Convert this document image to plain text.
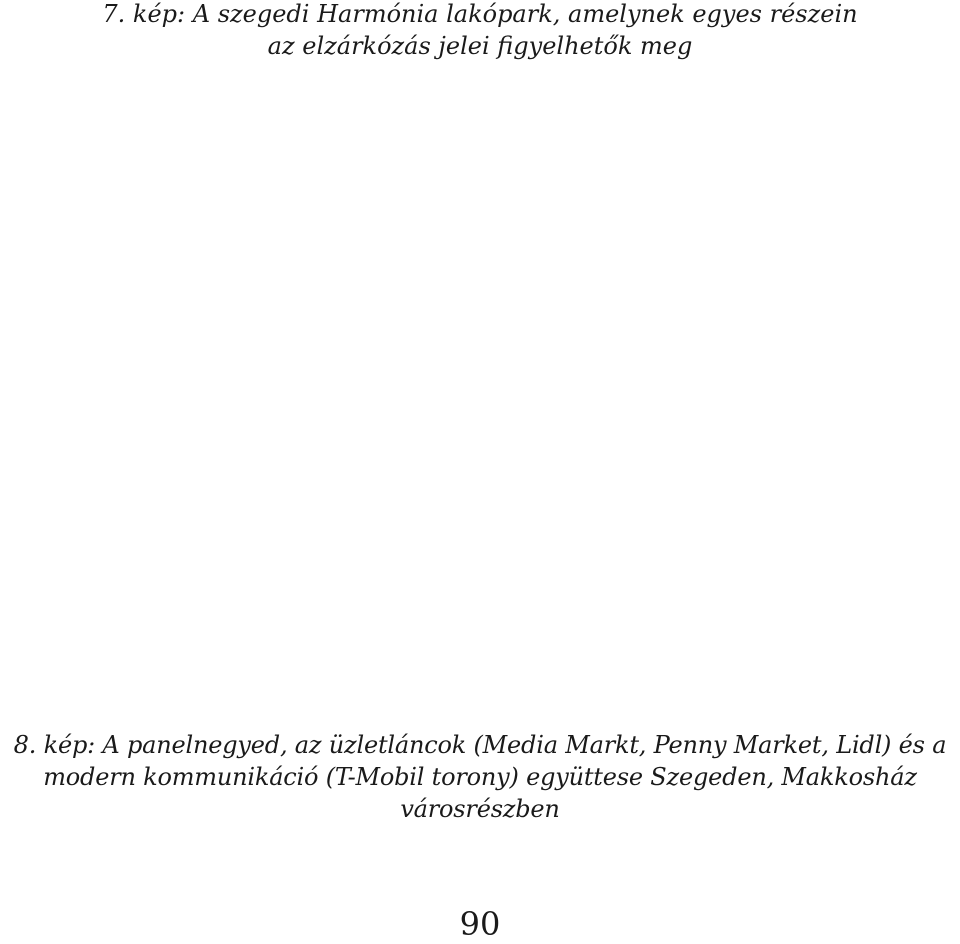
7. kép: A szegedi Harmónia lakópark, amelynek egyes részein
az elzárkózás jelei figyelhetők meg
8. kép: A panelnegyed, az üzletláncok (Media Markt, Penny Market, Lidl) és a
modern kommunikáció (T-Mobil torony) együttese Szegeden, Makkosház
városrészben
90
